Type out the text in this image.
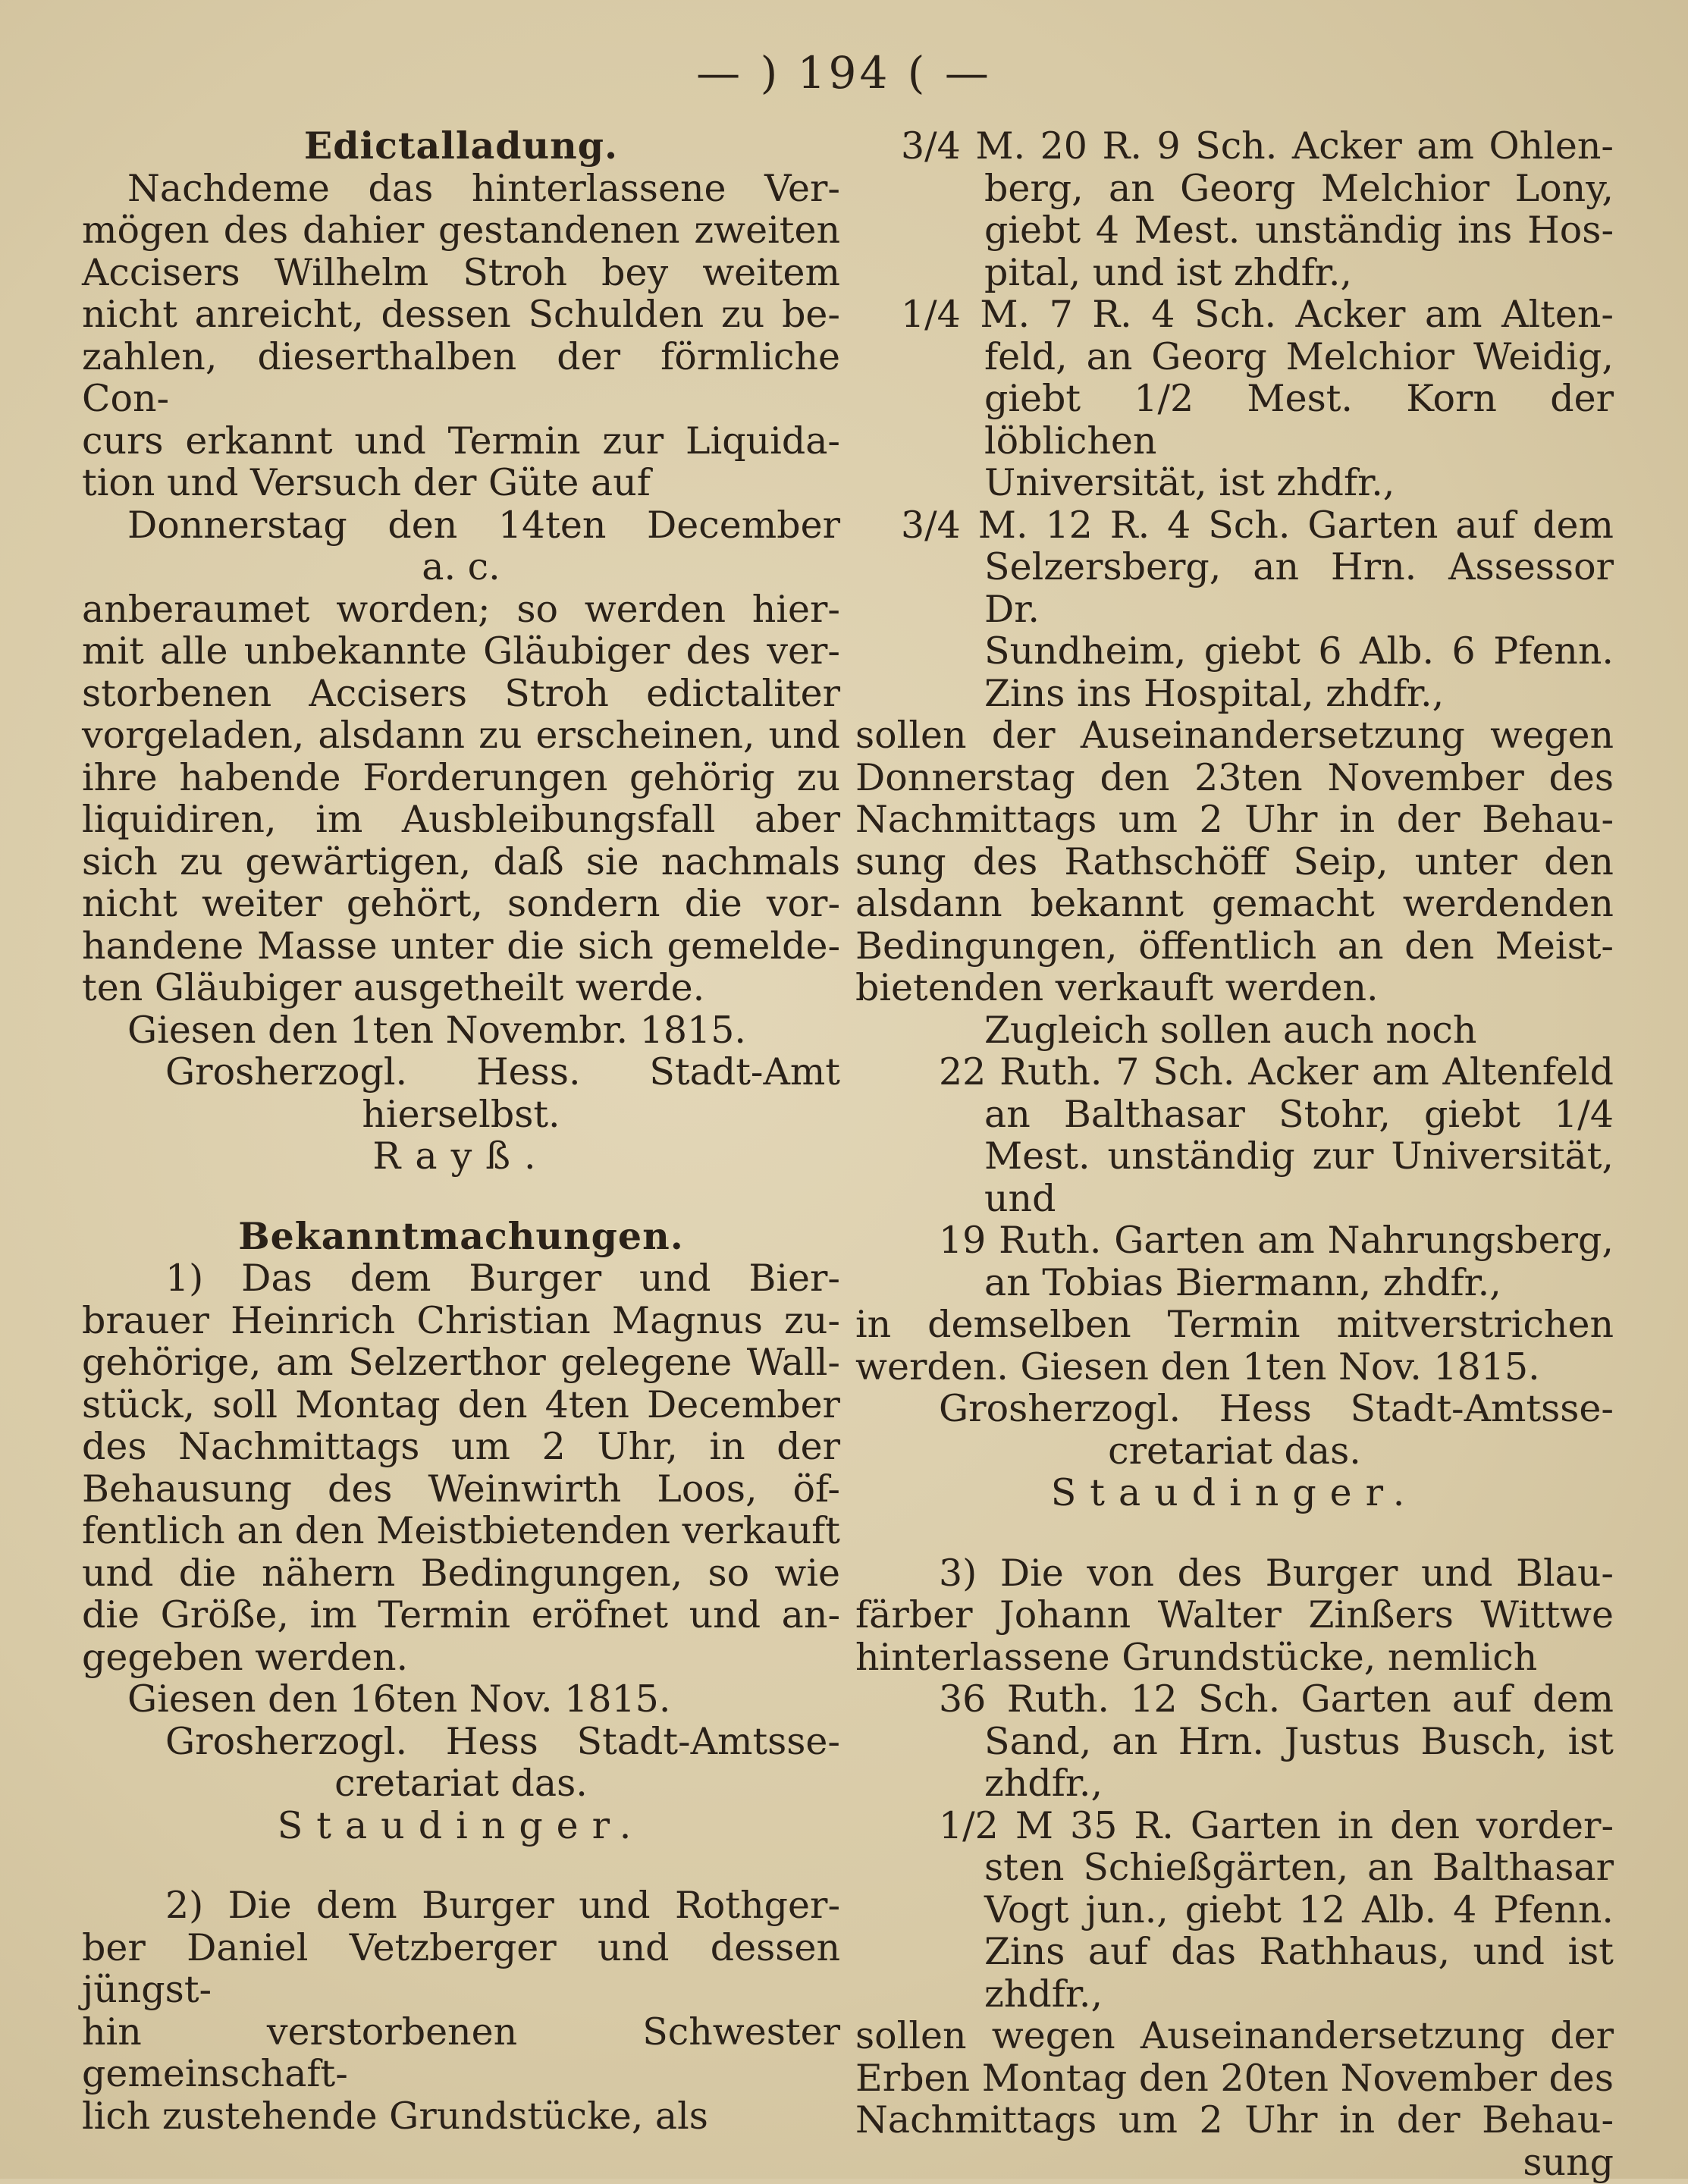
— ) 194 ( —

Edictalladung.

Nachdeme das hinterlassene Ver-

mögen des dahier gestandenen zweiten

Accisers Wilhelm Stroh bey weitem

nicht anreicht, dessen Schulden zu be-

zahlen, dieserthalben der förmliche Con-

curs erkannt und Termin zur Liquida-

tion und Versuch der Güte auf

Donnerstag den 14ten December

a. c.

anberaumet worden; so werden hier-

mit alle unbekannte Gläubiger des ver-

storbenen Accisers Stroh edictaliter

vorgeladen, alsdann zu erscheinen, und

ihre habende Forderungen gehörig zu

liquidiren, im Ausbleibungsfall aber

sich zu gewärtigen, daß sie nachmals

nicht weiter gehört, sondern die vor-

handene Masse unter die sich gemelde-

ten Gläubiger ausgetheilt werde.

Giesen den 1ten Novembr. 1815.

Grosherzogl. Hess. Stadt-Amt

hierselbst.

Rayß.

Bekanntmachungen.

1) Das dem Burger und Bier-

brauer Heinrich Christian Magnus zu-

gehörige, am Selzerthor gelegene Wall-

stück, soll Montag den 4ten December

des Nachmittags um 2 Uhr, in der

Behausung des Weinwirth Loos, öf-

fentlich an den Meistbietenden verkauft

und die nähern Bedingungen, so wie

die Größe, im Termin eröfnet und an-

gegeben werden.

Giesen den 16ten Nov. 1815.

Grosherzogl. Hess Stadt-Amtsse-

cretariat das.

Staudinger.

2) Die dem Burger und Rothger-

ber Daniel Vetzberger und dessen jüngst-

hin verstorbenen Schwester gemeinschaft-

lich zustehende Grundstücke, als

3/4 M. 20 R. 9 Sch. Acker am Ohlen-

berg, an Georg Melchior Lony,

giebt 4 Mest. unständig ins Hos-

pital, und ist zhdfr.,

1/4 M. 7 R. 4 Sch. Acker am Alten-

feld, an Georg Melchior Weidig,

giebt 1/2 Mest. Korn der löblichen

Universität, ist zhdfr.,

3/4 M. 12 R. 4 Sch. Garten auf dem

Selzersberg, an Hrn. Assessor Dr.

Sundheim, giebt 6 Alb. 6 Pfenn.

Zins ins Hospital, zhdfr.,

sollen der Auseinandersetzung wegen

Donnerstag den 23ten November des

Nachmittags um 2 Uhr in der Behau-

sung des Rathschöff Seip, unter den

alsdann bekannt gemacht werdenden

Bedingungen, öffentlich an den Meist-

bietenden verkauft werden.

Zugleich sollen auch noch

22 Ruth. 7 Sch. Acker am Altenfeld

an Balthasar Stohr, giebt 1/4

Mest. unständig zur Universität,

und

19 Ruth. Garten am Nahrungsberg,

an Tobias Biermann, zhdfr.,

in demselben Termin mitverstrichen

werden. Giesen den 1ten Nov. 1815.

Grosherzogl. Hess Stadt-Amtsse-

cretariat das.

Staudinger.

3) Die von des Burger und Blau-

färber Johann Walter Zinßers Wittwe

hinterlassene Grundstücke, nemlich

36 Ruth. 12 Sch. Garten auf dem

Sand, an Hrn. Justus Busch, ist

zhdfr.,

1/2 M 35 R. Garten in den vorder-

sten Schießgärten, an Balthasar

Vogt jun., giebt 12 Alb. 4 Pfenn.

Zins auf das Rathhaus, und ist

zhdfr.,

sollen wegen Auseinandersetzung der

Erben Montag den 20ten November des

Nachmittags um 2 Uhr in der Behau-

sung
